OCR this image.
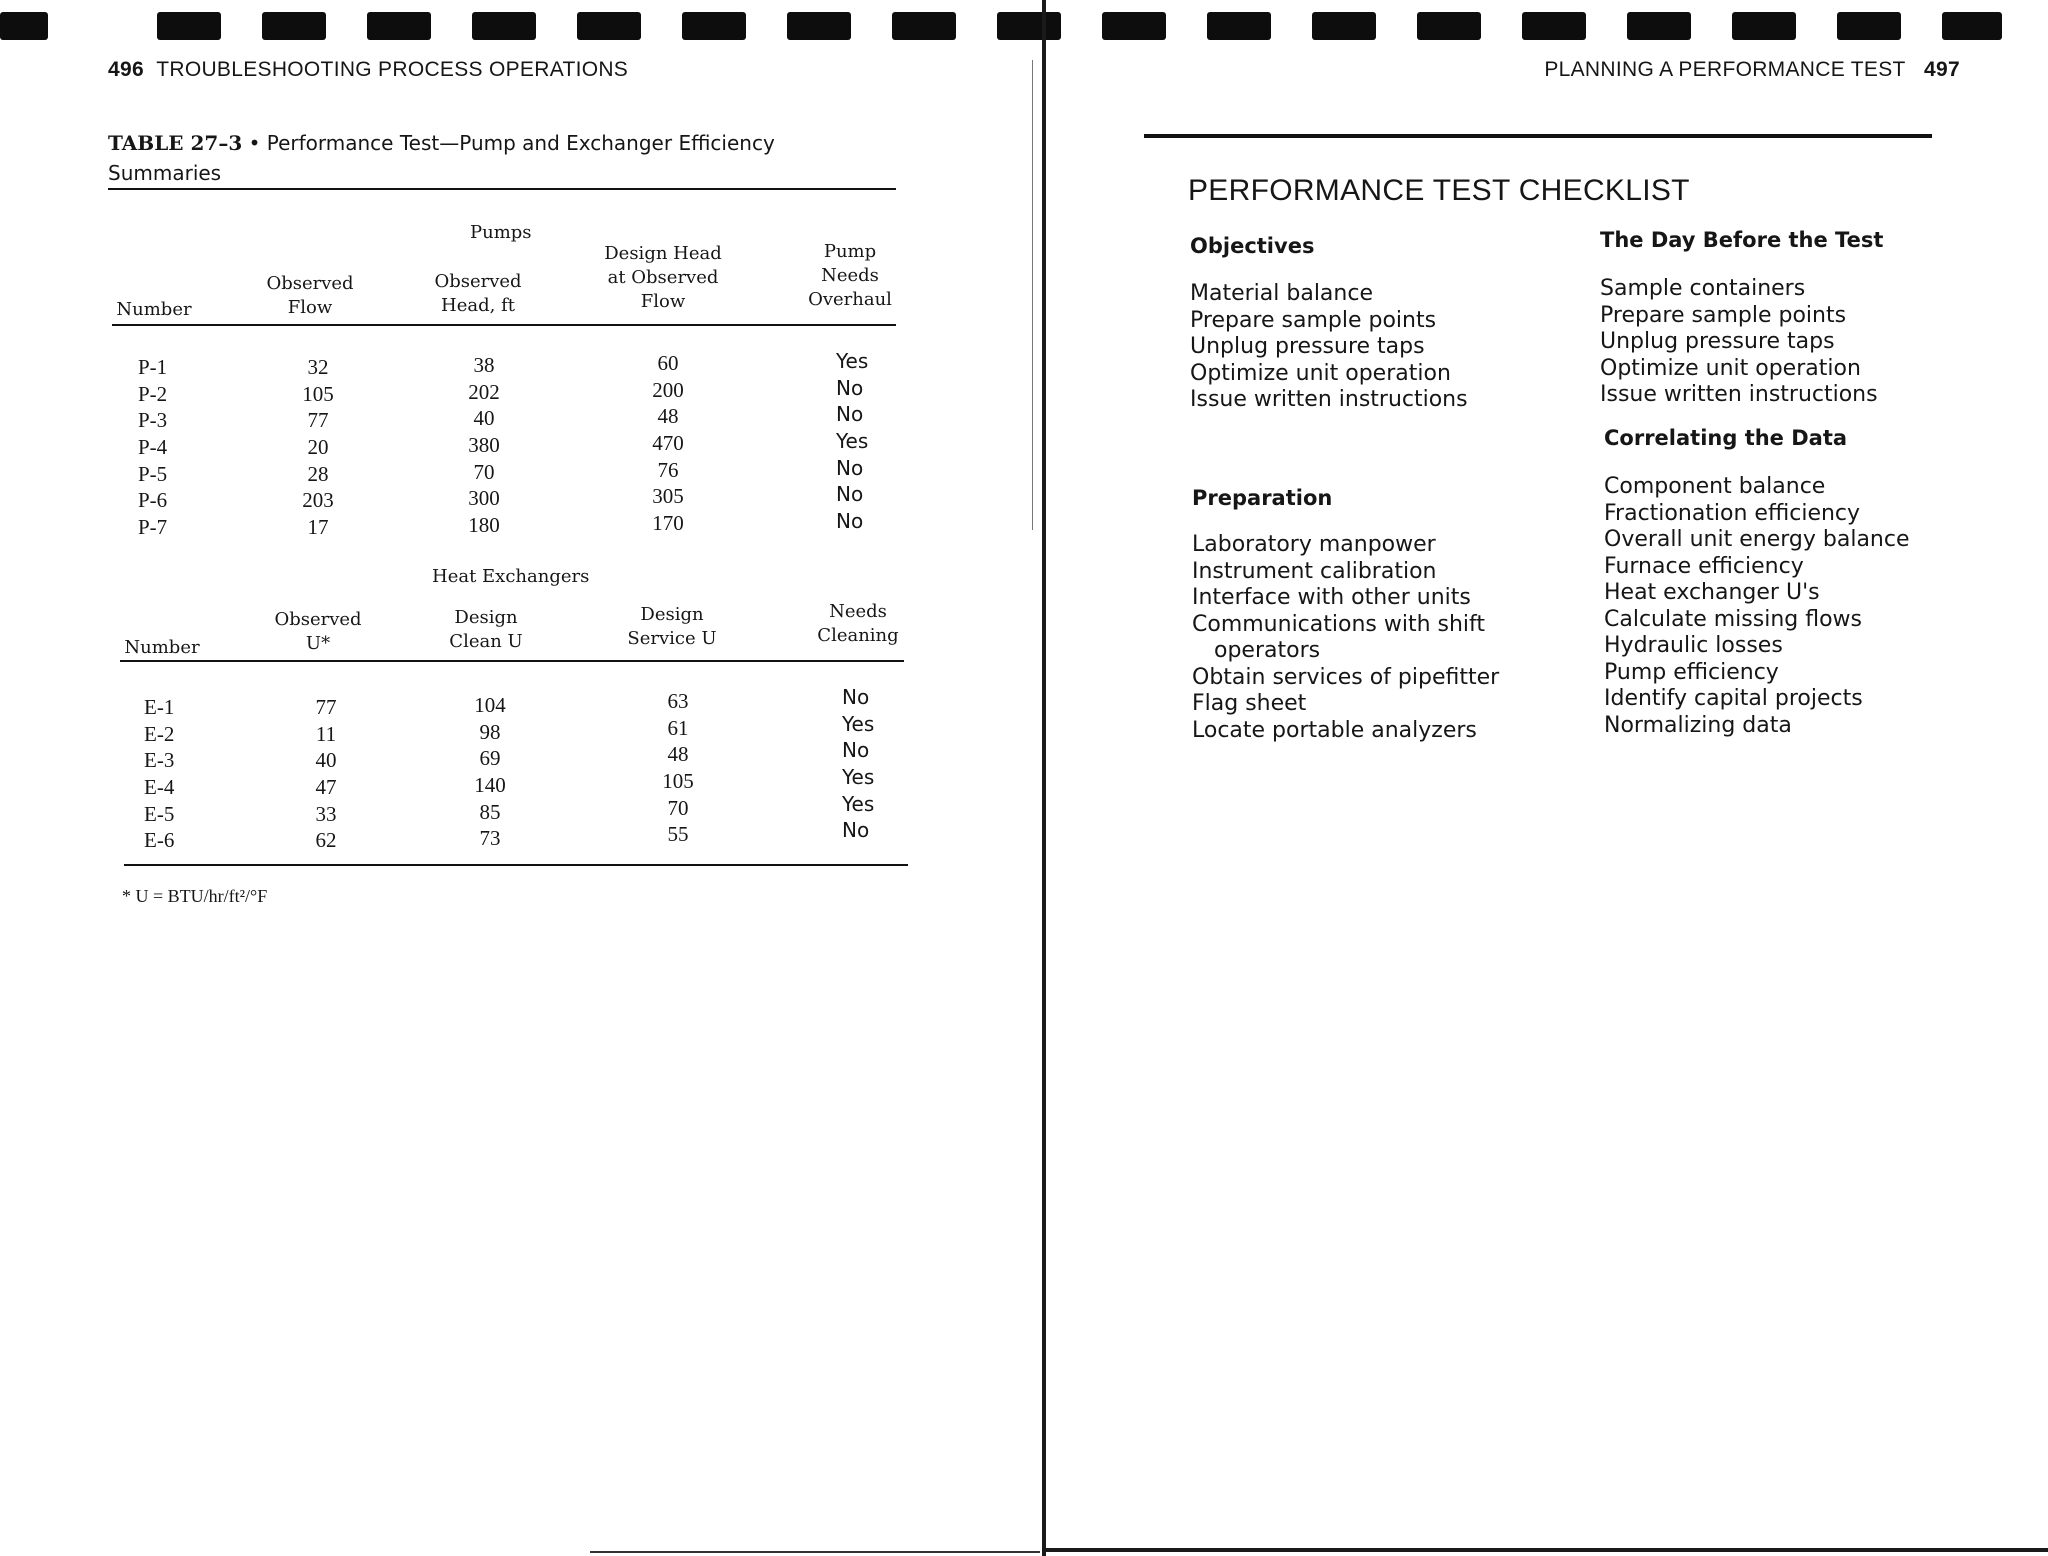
496 TROUBLESHOOTING PROCESS OPERATIONS
TABLE 27–3 • Performance Test—Pump and Exchanger Efficiency
Summaries
Pumps
Number
Observed
Flow
Observed
Head, ft
Design Head
at Observed
Flow
Pump
Needs
Overhaul
P-1
P-2
P-3
P-4
P-5
P-6
P-7
32
105
77
20
28
203
17
38
202
40
380
70
300
180
60
200
48
470
76
305
170
Yes
No
No
Yes
No
No
No
Heat Exchangers
Number
Observed
U*
Design
Clean U
Design
Service U
Needs
Cleaning
E-1
E-2
E-3
E-4
E-5
E-6
77
11
40
47
33
62
104
98
69
140
85
73
63
61
48
105
70
55
No
Yes
No
Yes
Yes
No
* U = BTU/hr/ft²/°F
PLANNING A PERFORMANCE TEST 497
PERFORMANCE TEST CHECKLIST
Objectives
Material balance
Prepare sample points
Unplug pressure taps
Optimize unit operation
Issue written instructions
Preparation
Laboratory manpower
Instrument calibration
Interface with other units
Communications with shift
operators
Obtain services of pipefitter
Flag sheet
Locate portable analyzers
The Day Before the Test
Sample containers
Prepare sample points
Unplug pressure taps
Optimize unit operation
Issue written instructions
Correlating the Data
Component balance
Fractionation efficiency
Overall unit energy balance
Furnace efficiency
Heat exchanger U's
Calculate missing flows
Hydraulic losses
Pump efficiency
Identify capital projects
Normalizing data
